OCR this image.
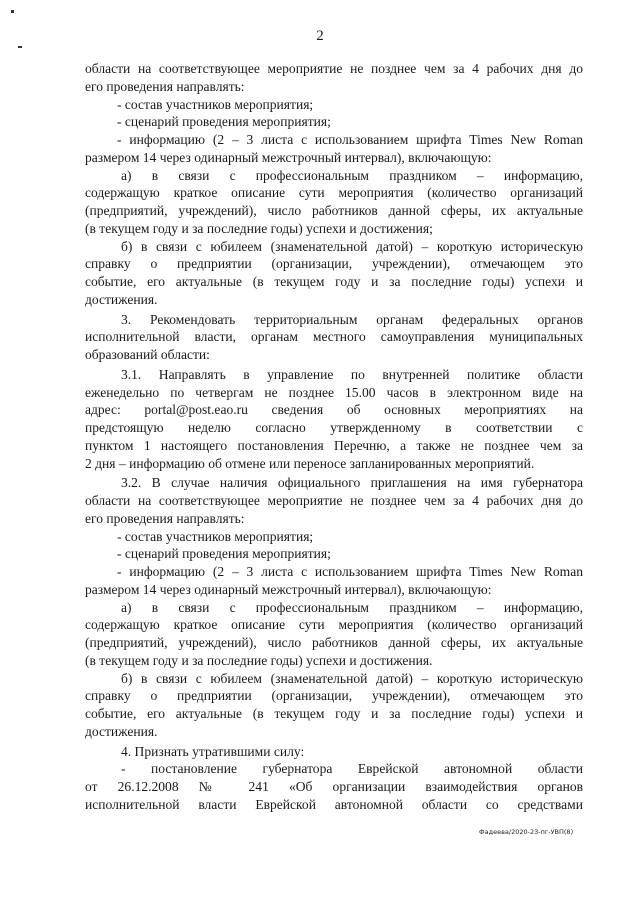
2
области на соответствующее мероприятие не позднее чем за 4 рабочих дня до
его проведения направлять:
- состав участников мероприятия;
- сценарий проведения мероприятия;
- информацию (2 – 3 листа с использованием шрифта Times New Roman
размером 14 через одинарный межстрочный интервал), включающую:
а) в связи с профессиональным праздником – информацию,
содержащую краткое описание сути мероприятия (количество организаций
(предприятий, учреждений), число работников данной сферы, их актуальные
(в текущем году и за последние годы) успехи и достижения;
б) в связи с юбилеем (знаменательной датой) – короткую историческую
справку о предприятии (организации, учреждении), отмечающем это
событие, его актуальные (в текущем году и за последние годы) успехи и
достижения.
3. Рекомендовать территориальным органам федеральных органов
исполнительной власти, органам местного самоуправления муниципальных
образований области:
3.1. Направлять в управление по внутренней политике области
еженедельно по четвергам не позднее 15.00 часов в электронном виде на
адрес: portal@post.eao.ru сведения об основных мероприятиях на
предстоящую неделю согласно утвержденному в соответствии с
пунктом 1 настоящего постановления Перечню, а также не позднее чем за
2 дня – информацию об отмене или переносе запланированных мероприятий.
3.2. В случае наличия официального приглашения на имя губернатора
области на соответствующее мероприятие не позднее чем за 4 рабочих дня до
его проведения направлять:
- состав участников мероприятия;
- сценарий проведения мероприятия;
- информацию (2 – 3 листа с использованием шрифта Times New Roman
размером 14 через одинарный межстрочный интервал), включающую:
а) в связи с профессиональным праздником – информацию,
содержащую краткое описание сути мероприятия (количество организаций
(предприятий, учреждений), число работников данной сферы, их актуальные
(в текущем году и за последние годы) успехи и достижения.
б) в связи с юбилеем (знаменательной датой) – короткую историческую
справку о предприятии (организации, учреждении), отмечающем это
событие, его актуальные (в текущем году и за последние годы) успехи и
достижения.
4. Признать утратившими силу:
- постановление губернатора Еврейской автономной области
от 26.12.2008 № 241 «Об организации взаимодействия органов
исполнительной власти Еврейской автономной области со средствами
Фадеева/2020-23-пг-УВП(8)
